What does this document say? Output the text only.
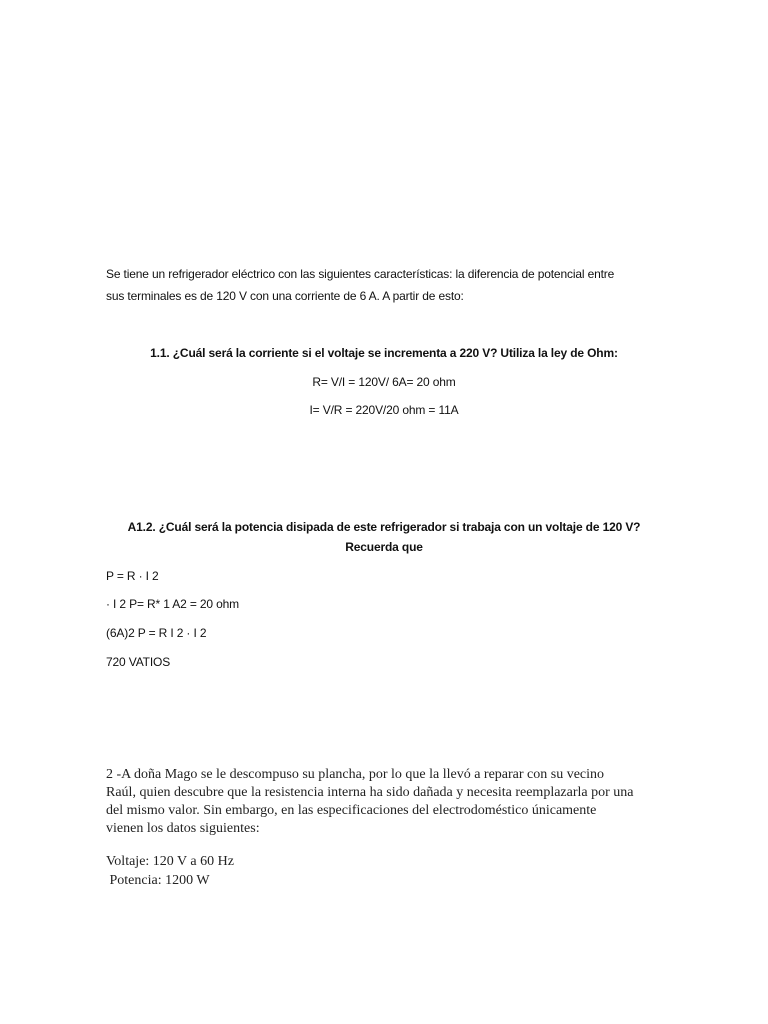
Se tiene un refrigerador eléctrico con las siguientes características: la diferencia de potencial entre
sus terminales es de 120 V con una corriente de 6 A. A partir de esto:
1.1. ¿Cuál será la corriente si el voltaje se incrementa a 220 V? Utiliza la ley de Ohm:
R= V/I = 120V/ 6A= 20 ohm
I= V/R = 220V/20 ohm = 11A
A1.2. ¿Cuál será la potencia disipada de este refrigerador si trabaja con un voltaje de 120 V?
Recuerda que
P = R · I 2
· I 2 P= R* 1 A2 = 20 ohm
(6A)2 P = R I 2 · I 2
720 VATIOS
2 -A doña Mago se le descompuso su plancha, por lo que la llevó a reparar con su vecino
Raúl, quien descubre que la resistencia interna ha sido dañada y necesita reemplazarla por una
del mismo valor. Sin embargo, en las especificaciones del electrodoméstico únicamente
vienen los datos siguientes:
Voltaje: 120 V a 60 Hz
Potencia: 1200 W
